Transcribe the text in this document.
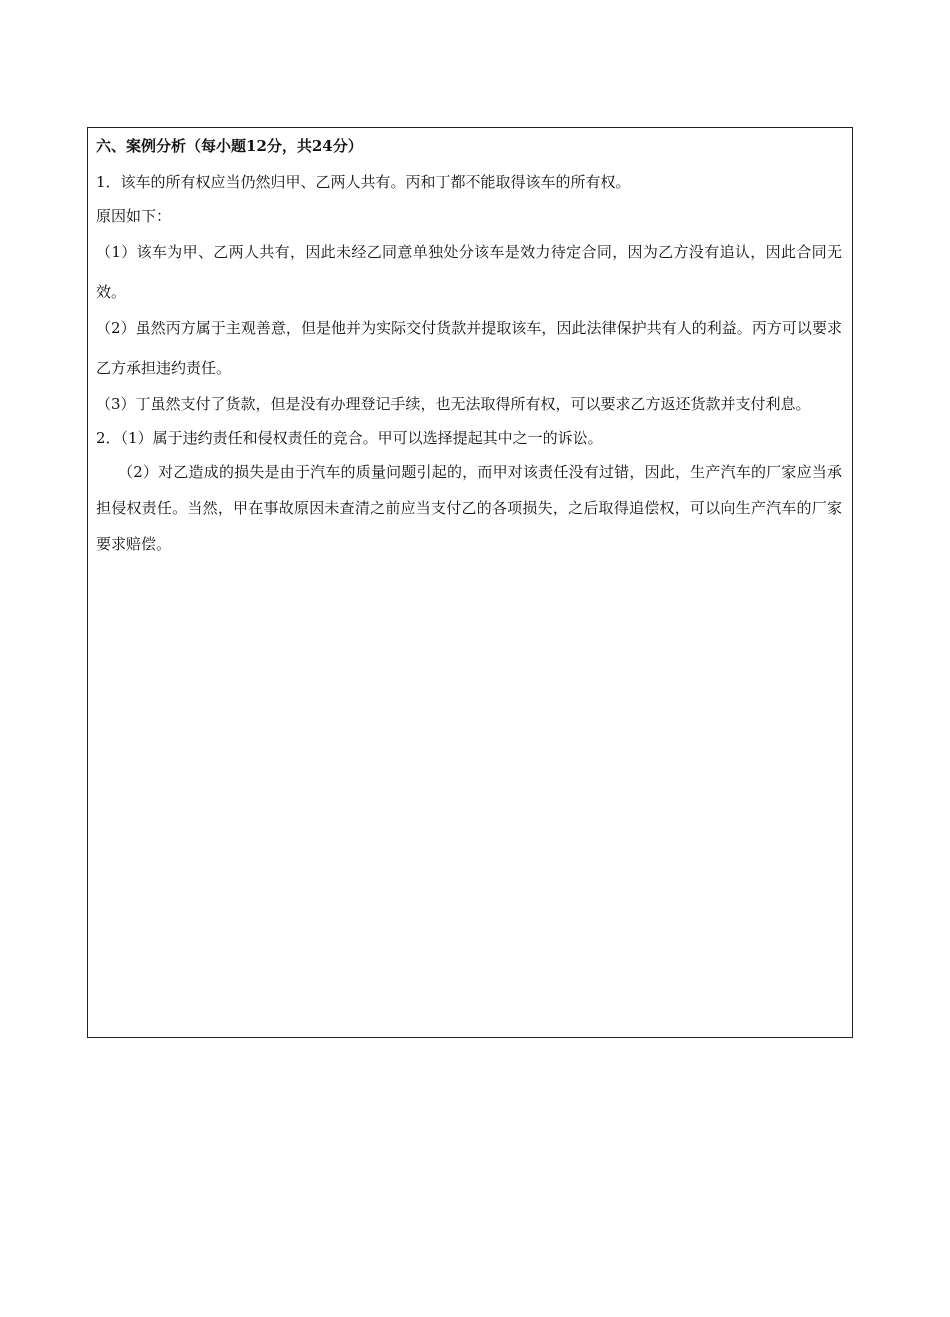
六、案例分析（每小题12分，共24分）

1．该车的所有权应当仍然归甲、乙两人共有。丙和丁都不能取得该车的所有权。

原因如下：

（1）该车为甲、乙两人共有，因此未经乙同意单独处分该车是效力待定合同，因为乙方没有追认，因此合同无效。

（2）虽然丙方属于主观善意，但是他并为实际交付货款并提取该车，因此法律保护共有人的利益。丙方可以要求乙方承担违约责任。

（3）丁虽然支付了货款，但是没有办理登记手续，也无法取得所有权，可以要求乙方返还货款并支付利息。

2．（1）属于违约责任和侵权责任的竞合。甲可以选择提起其中之一的诉讼。

（2）对乙造成的损失是由于汽车的质量问题引起的，而甲对该责任没有过错，因此，生产汽车的厂家应当承担侵权责任。当然，甲在事故原因未查清之前应当支付乙的各项损失，之后取得追偿权，可以向生产汽车的厂家要求赔偿。
